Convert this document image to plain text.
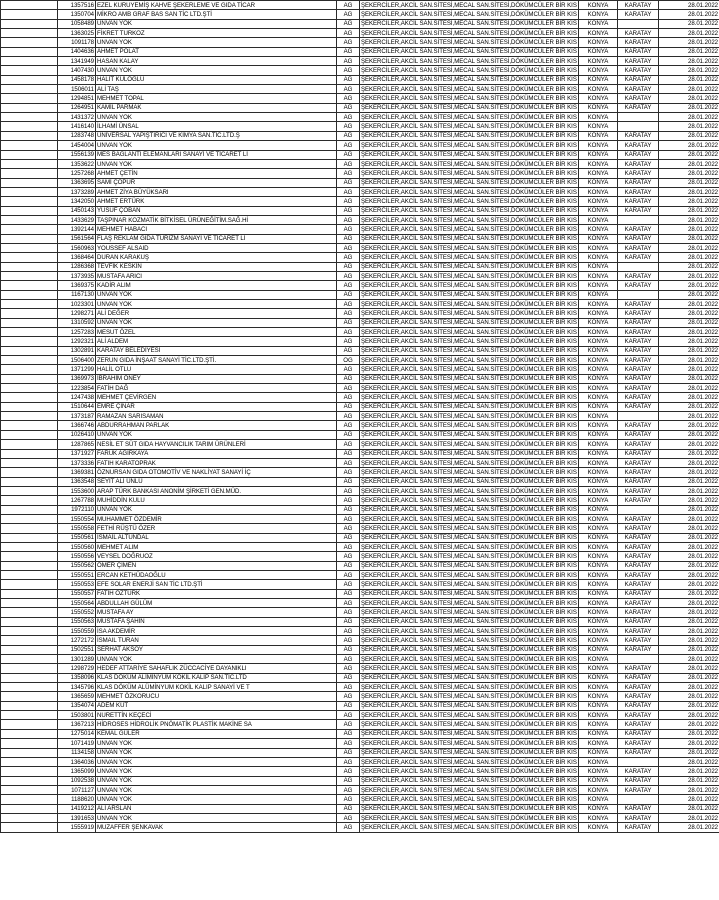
	1357516	EZEL KURUYEMİŞ KAHVE ŞEKERLEME VE GIDA TİCAR	AG	ŞEKERCİLER,AKCİL SAN.SİTESİ,MECAL SAN.SİTESİ,DÖKÜMCÜLER BİR KIS	KONYA	KARATAY	28.01.2022
	1350704	MİKRO AMB GRAF BAS SAN TİC LTD.ŞTİ	AG	ŞEKERCİLER,AKCİL SAN.SİTESİ,MECAL SAN.SİTESİ,DÖKÜMCÜLER BİR KIS	KONYA	KARATAY	28.01.2022
	1058489	UNVAN YOK	AG	ŞEKERCİLER,AKCİL SAN.SİTESİ,MECAL SAN.SİTESİ,DÖKÜMCÜLER BİR KIS	KONYA		28.01.2022
	1363025	FİKRET TURKOZ	AG	ŞEKERCİLER,AKCİL SAN.SİTESİ,MECAL SAN.SİTESİ,DÖKÜMCÜLER BİR KIS	KONYA	KARATAY	28.01.2022
	1091178	UNVAN YOK	AG	ŞEKERCİLER,AKCİL SAN.SİTESİ,MECAL SAN.SİTESİ,DÖKÜMCÜLER BİR KIS	KONYA	KARATAY	28.01.2022
	1404636	AHMET POLAT	AG	ŞEKERCİLER,AKCİL SAN.SİTESİ,MECAL SAN.SİTESİ,DÖKÜMCÜLER BİR KIS	KONYA	KARATAY	28.01.2022
	1341949	HASAN KALAY	AG	ŞEKERCİLER,AKCİL SAN.SİTESİ,MECAL SAN.SİTESİ,DÖKÜMCÜLER BİR KIS	KONYA	KARATAY	28.01.2022
	1407430	UNVAN YOK	AG	ŞEKERCİLER,AKCİL SAN.SİTESİ,MECAL SAN.SİTESİ,DÖKÜMCÜLER BİR KIS	KONYA	KARATAY	28.01.2022
	1458178	HALİT KULOĞLU	AG	ŞEKERCİLER,AKCİL SAN.SİTESİ,MECAL SAN.SİTESİ,DÖKÜMCÜLER BİR KIS	KONYA	KARATAY	28.01.2022
	1506011	ALİ TAŞ	AG	ŞEKERCİLER,AKCİL SAN.SİTESİ,MECAL SAN.SİTESİ,DÖKÜMCÜLER BİR KIS	KONYA	KARATAY	28.01.2022
	1294851	MEHMET TOPAL	AG	ŞEKERCİLER,AKCİL SAN.SİTESİ,MECAL SAN.SİTESİ,DÖKÜMCÜLER BİR KIS	KONYA	KARATAY	28.01.2022
	1264951	KAMİL PARMAK	AG	ŞEKERCİLER,AKCİL SAN.SİTESİ,MECAL SAN.SİTESİ,DÖKÜMCÜLER BİR KIS	KONYA	KARATAY	28.01.2022
	1431372	UNVAN YOK	AG	ŞEKERCİLER,AKCİL SAN.SİTESİ,MECAL SAN.SİTESİ,DÖKÜMCÜLER BİR KIS	KONYA		28.01.2022
	1416140	İLHAMİ ÜNSAL	AG	ŞEKERCİLER,AKCİL SAN.SİTESİ,MECAL SAN.SİTESİ,DÖKÜMCÜLER BİR KIS	KONYA		28.01.2022
	1283748	ÜNİVERSAL YAPIŞTIRICI VE KİMYA SAN.TİC.LTD.Ş	AG	ŞEKERCİLER,AKCİL SAN.SİTESİ,MECAL SAN.SİTESİ,DÖKÜMCÜLER BİR KIS	KONYA	KARATAY	28.01.2022
	1454004	UNVAN YOK	AG	ŞEKERCİLER,AKCİL SAN.SİTESİ,MECAL SAN.SİTESİ,DÖKÜMCÜLER BİR KIS	KONYA	KARATAY	28.01.2022
	1556139	MES BAĞLANTI ELEMANLARI SANAYİ VE TİCARET Lİ	AG	ŞEKERCİLER,AKCİL SAN.SİTESİ,MECAL SAN.SİTESİ,DÖKÜMCÜLER BİR KIS	KONYA	KARATAY	28.01.2022
	1353622	UNVAN YOK	AG	ŞEKERCİLER,AKCİL SAN.SİTESİ,MECAL SAN.SİTESİ,DÖKÜMCÜLER BİR KIS	KONYA	KARATAY	28.01.2022
	1257268	AHMET ÇETİN	AG	ŞEKERCİLER,AKCİL SAN.SİTESİ,MECAL SAN.SİTESİ,DÖKÜMCÜLER BİR KIS	KONYA	KARATAY	28.01.2022
	1363695	SAMİ ÇOPUR	AG	ŞEKERCİLER,AKCİL SAN.SİTESİ,MECAL SAN.SİTESİ,DÖKÜMCÜLER BİR KIS	KONYA	KARATAY	28.01.2022
	1373289	AHMET ZİYA BÜYÜKSARI	AG	ŞEKERCİLER,AKCİL SAN.SİTESİ,MECAL SAN.SİTESİ,DÖKÜMCÜLER BİR KIS	KONYA	KARATAY	28.01.2022
	1342050	AHMET ERTÜRK	AG	ŞEKERCİLER,AKCİL SAN.SİTESİ,MECAL SAN.SİTESİ,DÖKÜMCÜLER BİR KIS	KONYA	KARATAY	28.01.2022
	1450143	YUSUF ÇOBAN	AG	ŞEKERCİLER,AKCİL SAN.SİTESİ,MECAL SAN.SİTESİ,DÖKÜMCÜLER BİR KIS	KONYA	KARATAY	28.01.2022
	1433629	TAŞPINAR KOZMATİK BİTKİSEL ÜRÜNEĞİTİM.SAĞ.Hİ	AG	ŞEKERCİLER,AKCİL SAN.SİTESİ,MECAL SAN.SİTESİ,DÖKÜMCÜLER BİR KIS	KONYA		28.01.2022
	1392144	MEHMET HABACI	AG	ŞEKERCİLER,AKCİL SAN.SİTESİ,MECAL SAN.SİTESİ,DÖKÜMCÜLER BİR KIS	KONYA	KARATAY	28.01.2022
	1561564	FLAŞ REKLAM GIDA TURİZM SANAYİ VE TİCARET Lİ	AG	ŞEKERCİLER,AKCİL SAN.SİTESİ,MECAL SAN.SİTESİ,DÖKÜMCÜLER BİR KIS	KONYA	KARATAY	28.01.2022
	1560963	YOUSSEF ALSAID	AG	ŞEKERCİLER,AKCİL SAN.SİTESİ,MECAL SAN.SİTESİ,DÖKÜMCÜLER BİR KIS	KONYA	KARATAY	28.01.2022
	1368464	DURAN KARAKUŞ	AG	ŞEKERCİLER,AKCİL SAN.SİTESİ,MECAL SAN.SİTESİ,DÖKÜMCÜLER BİR KIS	KONYA	KARATAY	28.01.2022
	1286368	TEVFİK KESKİN	AG	ŞEKERCİLER,AKCİL SAN.SİTESİ,MECAL SAN.SİTESİ,DÖKÜMCÜLER BİR KIS	KONYA		28.01.2022
	1373935	MUSTAFA ARICI	AG	ŞEKERCİLER,AKCİL SAN.SİTESİ,MECAL SAN.SİTESİ,DÖKÜMCÜLER BİR KIS	KONYA	KARATAY	28.01.2022
	1369375	KADİR ALIM	AG	ŞEKERCİLER,AKCİL SAN.SİTESİ,MECAL SAN.SİTESİ,DÖKÜMCÜLER BİR KIS	KONYA	KARATAY	28.01.2022
	1167130	UNVAN YOK	AG	ŞEKERCİLER,AKCİL SAN.SİTESİ,MECAL SAN.SİTESİ,DÖKÜMCÜLER BİR KIS	KONYA		28.01.2022
	1023301	UNVAN YOK	AG	ŞEKERCİLER,AKCİL SAN.SİTESİ,MECAL SAN.SİTESİ,DÖKÜMCÜLER BİR KIS	KONYA	KARATAY	28.01.2022
	1298271	ALİ DEĞER	AG	ŞEKERCİLER,AKCİL SAN.SİTESİ,MECAL SAN.SİTESİ,DÖKÜMCÜLER BİR KIS	KONYA	KARATAY	28.01.2022
	1310592	UNVAN YOK	AG	ŞEKERCİLER,AKCİL SAN.SİTESİ,MECAL SAN.SİTESİ,DÖKÜMCÜLER BİR KIS	KONYA	KARATAY	28.01.2022
	1257283	MESUT ÖZEL	AG	ŞEKERCİLER,AKCİL SAN.SİTESİ,MECAL SAN.SİTESİ,DÖKÜMCÜLER BİR KIS	KONYA	KARATAY	28.01.2022
	1292321	ALİ ALDEM	AG	ŞEKERCİLER,AKCİL SAN.SİTESİ,MECAL SAN.SİTESİ,DÖKÜMCÜLER BİR KIS	KONYA	KARATAY	28.01.2022
	1302891	KARATAY BELEDİYESİ	AG	ŞEKERCİLER,AKCİL SAN.SİTESİ,MECAL SAN.SİTESİ,DÖKÜMCÜLER BİR KIS	KONYA	KARATAY	28.01.2022
	1506400	ZERUN GIDA İNŞAAT SANAYİ TİC.LTD.ŞTİ.	OG	ŞEKERCİLER,AKCİL SAN.SİTESİ,MECAL SAN.SİTESİ,DÖKÜMCÜLER BİR KIS	KONYA	KARATAY	28.01.2022
	1371299	HALİL OTLU	AG	ŞEKERCİLER,AKCİL SAN.SİTESİ,MECAL SAN.SİTESİ,DÖKÜMCÜLER BİR KIS	KONYA	KARATAY	28.01.2022
	1369973	İBRAHİM ÖNEY	AG	ŞEKERCİLER,AKCİL SAN.SİTESİ,MECAL SAN.SİTESİ,DÖKÜMCÜLER BİR KIS	KONYA	KARATAY	28.01.2022
	1223854	FATİH DAĞ	AG	ŞEKERCİLER,AKCİL SAN.SİTESİ,MECAL SAN.SİTESİ,DÖKÜMCÜLER BİR KIS	KONYA	KARATAY	28.01.2022
	1247438	MEHMET ÇEVİRGEN	AG	ŞEKERCİLER,AKCİL SAN.SİTESİ,MECAL SAN.SİTESİ,DÖKÜMCÜLER BİR KIS	KONYA	KARATAY	28.01.2022
	1510644	EMRE ÇINAR	AG	ŞEKERCİLER,AKCİL SAN.SİTESİ,MECAL SAN.SİTESİ,DÖKÜMCÜLER BİR KIS	KONYA	KARATAY	28.01.2022
	1373187	RAMAZAN SARISAMAN	AG	ŞEKERCİLER,AKCİL SAN.SİTESİ,MECAL SAN.SİTESİ,DÖKÜMCÜLER BİR KIS	KONYA		28.01.2022
	1366746	ABDURRAHMAN PARLAK	AG	ŞEKERCİLER,AKCİL SAN.SİTESİ,MECAL SAN.SİTESİ,DÖKÜMCÜLER BİR KIS	KONYA	KARATAY	28.01.2022
	1026410	UNVAN YOK	AG	ŞEKERCİLER,AKCİL SAN.SİTESİ,MECAL SAN.SİTESİ,DÖKÜMCÜLER BİR KIS	KONYA	KARATAY	28.01.2022
	1287865	NESİL ET SÜT GIDA HAYVANCILIK TARIM ÜRÜNLERİ	AG	ŞEKERCİLER,AKCİL SAN.SİTESİ,MECAL SAN.SİTESİ,DÖKÜMCÜLER BİR KIS	KONYA	KARATAY	28.01.2022
	1371927	FARUK AĞIRKAYA	AG	ŞEKERCİLER,AKCİL SAN.SİTESİ,MECAL SAN.SİTESİ,DÖKÜMCÜLER BİR KIS	KONYA	KARATAY	28.01.2022
	1373336	FATIH KARATOPRAK	AG	ŞEKERCİLER,AKCİL SAN.SİTESİ,MECAL SAN.SİTESİ,DÖKÜMCÜLER BİR KIS	KONYA	KARATAY	28.01.2022
	1369381	ÖZNURSAN GIDA OTOMOTİV VE NAKLİYAT SANAYİ İÇ	AG	ŞEKERCİLER,AKCİL SAN.SİTESİ,MECAL SAN.SİTESİ,DÖKÜMCÜLER BİR KIS	KONYA	KARATAY	28.01.2022
	1363548	SEYİT ALİ ÜNLÜ	AG	ŞEKERCİLER,AKCİL SAN.SİTESİ,MECAL SAN.SİTESİ,DÖKÜMCÜLER BİR KIS	KONYA	KARATAY	28.01.2022
	1553600	ARAP TÜRK BANKASI ANONİM ŞİRKETİ GEN.MÜD.	AG	ŞEKERCİLER,AKCİL SAN.SİTESİ,MECAL SAN.SİTESİ,DÖKÜMCÜLER BİR KIS	KONYA	KARATAY	28.01.2022
	1267788	MUHİDDİN KULU	AG	ŞEKERCİLER,AKCİL SAN.SİTESİ,MECAL SAN.SİTESİ,DÖKÜMCÜLER BİR KIS	KONYA	KARATAY	28.01.2022
	1972110	UNVAN YOK	AG	ŞEKERCİLER,AKCİL SAN.SİTESİ,MECAL SAN.SİTESİ,DÖKÜMCÜLER BİR KIS	KONYA		28.01.2022
	1550554	MUHAMMET ÖZDEMİR	AG	ŞEKERCİLER,AKCİL SAN.SİTESİ,MECAL SAN.SİTESİ,DÖKÜMCÜLER BİR KIS	KONYA	KARATAY	28.01.2022
	1550558	FETHİ RÜŞTÜ ÖZER	AG	ŞEKERCİLER,AKCİL SAN.SİTESİ,MECAL SAN.SİTESİ,DÖKÜMCÜLER BİR KIS	KONYA	KARATAY	28.01.2022
	1550561	İSMAİL ALTUNDAL	AG	ŞEKERCİLER,AKCİL SAN.SİTESİ,MECAL SAN.SİTESİ,DÖKÜMCÜLER BİR KIS	KONYA	KARATAY	28.01.2022
	1550560	MEHMET ALIM	AG	ŞEKERCİLER,AKCİL SAN.SİTESİ,MECAL SAN.SİTESİ,DÖKÜMCÜLER BİR KIS	KONYA	KARATAY	28.01.2022
	1550556	VEYSEL DOĞRUOZ	AG	ŞEKERCİLER,AKCİL SAN.SİTESİ,MECAL SAN.SİTESİ,DÖKÜMCÜLER BİR KIS	KONYA	KARATAY	28.01.2022
	1550562	ÖMER ÇİMEN	AG	ŞEKERCİLER,AKCİL SAN.SİTESİ,MECAL SAN.SİTESİ,DÖKÜMCÜLER BİR KIS	KONYA	KARATAY	28.01.2022
	1550551	ERCAN KETHÜDAOĞLU	AG	ŞEKERCİLER,AKCİL SAN.SİTESİ,MECAL SAN.SİTESİ,DÖKÜMCÜLER BİR KIS	KONYA	KARATAY	28.01.2022
	1550553	EFE SOLAR ENERJİ SAN TİC LTD.ŞTİ	AG	ŞEKERCİLER,AKCİL SAN.SİTESİ,MECAL SAN.SİTESİ,DÖKÜMCÜLER BİR KIS	KONYA	KARATAY	28.01.2022
	1550557	FATİH ÖZTÜRK	AG	ŞEKERCİLER,AKCİL SAN.SİTESİ,MECAL SAN.SİTESİ,DÖKÜMCÜLER BİR KIS	KONYA	KARATAY	28.01.2022
	1550564	ABDULLAH GÜLÜM	AG	ŞEKERCİLER,AKCİL SAN.SİTESİ,MECAL SAN.SİTESİ,DÖKÜMCÜLER BİR KIS	KONYA	KARATAY	28.01.2022
	1550552	MUSTAFA AY	AG	ŞEKERCİLER,AKCİL SAN.SİTESİ,MECAL SAN.SİTESİ,DÖKÜMCÜLER BİR KIS	KONYA	KARATAY	28.01.2022
	1550563	MUSTAFA ŞAHİN	AG	ŞEKERCİLER,AKCİL SAN.SİTESİ,MECAL SAN.SİTESİ,DÖKÜMCÜLER BİR KIS	KONYA	KARATAY	28.01.2022
	1550559	İSA AKDEMİR	AG	ŞEKERCİLER,AKCİL SAN.SİTESİ,MECAL SAN.SİTESİ,DÖKÜMCÜLER BİR KIS	KONYA	KARATAY	28.01.2022
	1272172	İSMAIL TURAN	AG	ŞEKERCİLER,AKCİL SAN.SİTESİ,MECAL SAN.SİTESİ,DÖKÜMCÜLER BİR KIS	KONYA	KARATAY	28.01.2022
	1502551	SERHAT AKSOY	AG	ŞEKERCİLER,AKCİL SAN.SİTESİ,MECAL SAN.SİTESİ,DÖKÜMCÜLER BİR KIS	KONYA	KARATAY	28.01.2022
	1301289	UNVAN YOK	AG	ŞEKERCİLER,AKCİL SAN.SİTESİ,MECAL SAN.SİTESİ,DÖKÜMCÜLER BİR KIS	KONYA		28.01.2022
	1298729	HEDEF ATTARİYE SAHAFLIK ZÜCCACİYE DAYANIKLI	AG	ŞEKERCİLER,AKCİL SAN.SİTESİ,MECAL SAN.SİTESİ,DÖKÜMCÜLER BİR KIS	KONYA	KARATAY	28.01.2022
	1358096	KLAS DÖKÜM ALİMİNYUM KOKİL KALIP SAN.TİC.LTD	AG	ŞEKERCİLER,AKCİL SAN.SİTESİ,MECAL SAN.SİTESİ,DÖKÜMCÜLER BİR KIS	KONYA	KARATAY	28.01.2022
	1345796	KLAS DÖKÜM ALÜMİNYUM KOKİL KALIP SANAYİ VE T	AG	ŞEKERCİLER,AKCİL SAN.SİTESİ,MECAL SAN.SİTESİ,DÖKÜMCÜLER BİR KIS	KONYA	KARATAY	28.01.2022
	1365659	MEHMET ÖZKORUCU	AG	ŞEKERCİLER,AKCİL SAN.SİTESİ,MECAL SAN.SİTESİ,DÖKÜMCÜLER BİR KIS	KONYA	KARATAY	28.01.2022
	1354074	ADEM KÜT	AG	ŞEKERCİLER,AKCİL SAN.SİTESİ,MECAL SAN.SİTESİ,DÖKÜMCÜLER BİR KIS	KONYA	KARATAY	28.01.2022
	1503801	NURETTİN KEÇECİ	AG	ŞEKERCİLER,AKCİL SAN.SİTESİ,MECAL SAN.SİTESİ,DÖKÜMCÜLER BİR KIS	KONYA	KARATAY	28.01.2022
	1367213	HİDROSES HİDROLİK PNÖMATİK PLASTİK MAKİNE SA	AG	ŞEKERCİLER,AKCİL SAN.SİTESİ,MECAL SAN.SİTESİ,DÖKÜMCÜLER BİR KIS	KONYA	KARATAY	28.01.2022
	1275014	KEMAL GÜLER	AG	ŞEKERCİLER,AKCİL SAN.SİTESİ,MECAL SAN.SİTESİ,DÖKÜMCÜLER BİR KIS	KONYA	KARATAY	28.01.2022
	1071419	UNVAN YOK	AG	ŞEKERCİLER,AKCİL SAN.SİTESİ,MECAL SAN.SİTESİ,DÖKÜMCÜLER BİR KIS	KONYA	KARATAY	28.01.2022
	1134158	UNVAN YOK	AG	ŞEKERCİLER,AKCİL SAN.SİTESİ,MECAL SAN.SİTESİ,DÖKÜMCÜLER BİR KIS	KONYA	KARATAY	28.01.2022
	1364036	UNVAN YOK	AG	ŞEKERCİLER,AKCİL SAN.SİTESİ,MECAL SAN.SİTESİ,DÖKÜMCÜLER BİR KIS	KONYA		28.01.2022
	1365099	UNVAN YOK	AG	ŞEKERCİLER,AKCİL SAN.SİTESİ,MECAL SAN.SİTESİ,DÖKÜMCÜLER BİR KIS	KONYA	KARATAY	28.01.2022
	1092538	UNVAN YOK	AG	ŞEKERCİLER,AKCİL SAN.SİTESİ,MECAL SAN.SİTESİ,DÖKÜMCÜLER BİR KIS	KONYA	KARATAY	28.01.2022
	1071127	UNVAN YOK	AG	ŞEKERCİLER,AKCİL SAN.SİTESİ,MECAL SAN.SİTESİ,DÖKÜMCÜLER BİR KIS	KONYA	KARATAY	28.01.2022
	1188620	UNVAN YOK	AG	ŞEKERCİLER,AKCİL SAN.SİTESİ,MECAL SAN.SİTESİ,DÖKÜMCÜLER BİR KIS	KONYA		28.01.2022
	1419212	ALİ ARSLAN	AG	ŞEKERCİLER,AKCİL SAN.SİTESİ,MECAL SAN.SİTESİ,DÖKÜMCÜLER BİR KIS	KONYA	KARATAY	28.01.2022
	1391653	UNVAN YOK	AG	ŞEKERCİLER,AKCİL SAN.SİTESİ,MECAL SAN.SİTESİ,DÖKÜMCÜLER BİR KIS	KONYA	KARATAY	28.01.2022
	1555919	MUZAFFER ŞENKAVAK	AG	ŞEKERCİLER,AKCİL SAN.SİTESİ,MECAL SAN.SİTESİ,DÖKÜMCÜLER BİR KIS	KONYA	KARATAY	28.01.2022
